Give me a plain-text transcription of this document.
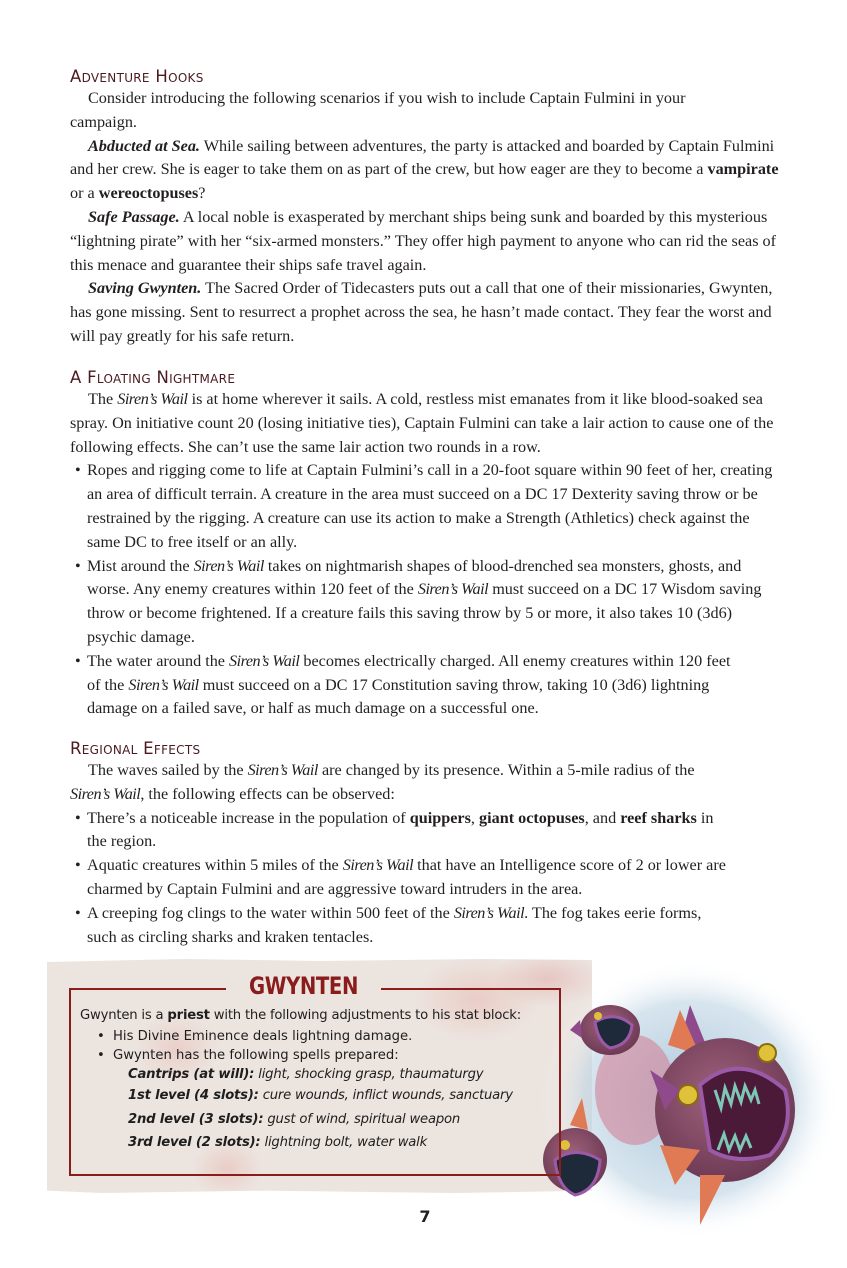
Adventure Hooks

Consider introducing the following scenarios if you wish to include Captain Fulmini in your campaign.

Abducted at Sea. While sailing between adventures, the party is attacked and boarded by Captain Fulmini and her crew. She is eager to take them on as part of the crew, but how eager are they to become a vampirate or a wereoctopuses?

Safe Passage. A local noble is exasperated by merchant ships being sunk and boarded by this mysterious “lightning pirate” with her “six-armed monsters.” They offer high payment to anyone who can rid the seas of this menace and guarantee their ships safe travel again.

Saving Gwynten. The Sacred Order of Tidecasters puts out a call that one of their missionaries, Gwynten, has gone missing. Sent to resurrect a prophet across the sea, he hasn’t made contact. They fear the worst and will pay greatly for his safe return.

A Floating Nightmare

The Siren’s Wail is at home wherever it sails. A cold, restless mist emanates from it like blood-soaked sea spray. On initiative count 20 (losing initiative ties), Captain Fulmini can take a lair action to cause one of the following effects. She can’t use the same lair action two rounds in a row.

• Ropes and rigging come to life at Captain Fulmini’s call in a 20-foot square within 90 feet of her, creating an area of difficult terrain. A creature in the area must succeed on a DC 17 Dexterity saving throw or be restrained by the rigging. A creature can use its action to make a Strength (Athletics) check against the same DC to free itself or an ally.
• Mist around the Siren’s Wail takes on nightmarish shapes of blood-drenched sea monsters, ghosts, and worse. Any enemy creatures within 120 feet of the Siren’s Wail must succeed on a DC 17 Wisdom saving throw or become frightened. If a creature fails this saving throw by 5 or more, it also takes 10 (3d6) psychic damage.
• The water around the Siren’s Wail becomes electrically charged. All enemy creatures within 120 feet of the Siren’s Wail must succeed on a DC 17 Constitution saving throw, taking 10 (3d6) lightning damage on a failed save, or half as much damage on a successful one.
Regional Effects

The waves sailed by the Siren’s Wail are changed by its presence. Within a 5-mile radius of the Siren’s Wail, the following effects can be observed:

• There’s a noticeable increase in the population of quippers, giant octopuses, and reef sharks in the region.
• Aquatic creatures within 5 miles of the Siren’s Wail that have an Intelligence score of 2 or lower are charmed by Captain Fulmini and are aggressive toward intruders in the area.
• A creeping fog clings to the water within 500 feet of the Siren’s Wail. The fog takes eerie forms, such as circling sharks and kraken tentacles.
GWYNTEN
Gwynten is a priest with the following adjustments to his stat block:
• His Divine Eminence deals lightning damage.
• Gwynten has the following spells prepared:
Cantrips (at will): light, shocking grasp, thaumaturgy
1st level (4 slots): cure wounds, inflict wounds, sanctuary
2nd level (3 slots): gust of wind, spiritual weapon
3rd level (2 slots): lightning bolt, water walk
7
